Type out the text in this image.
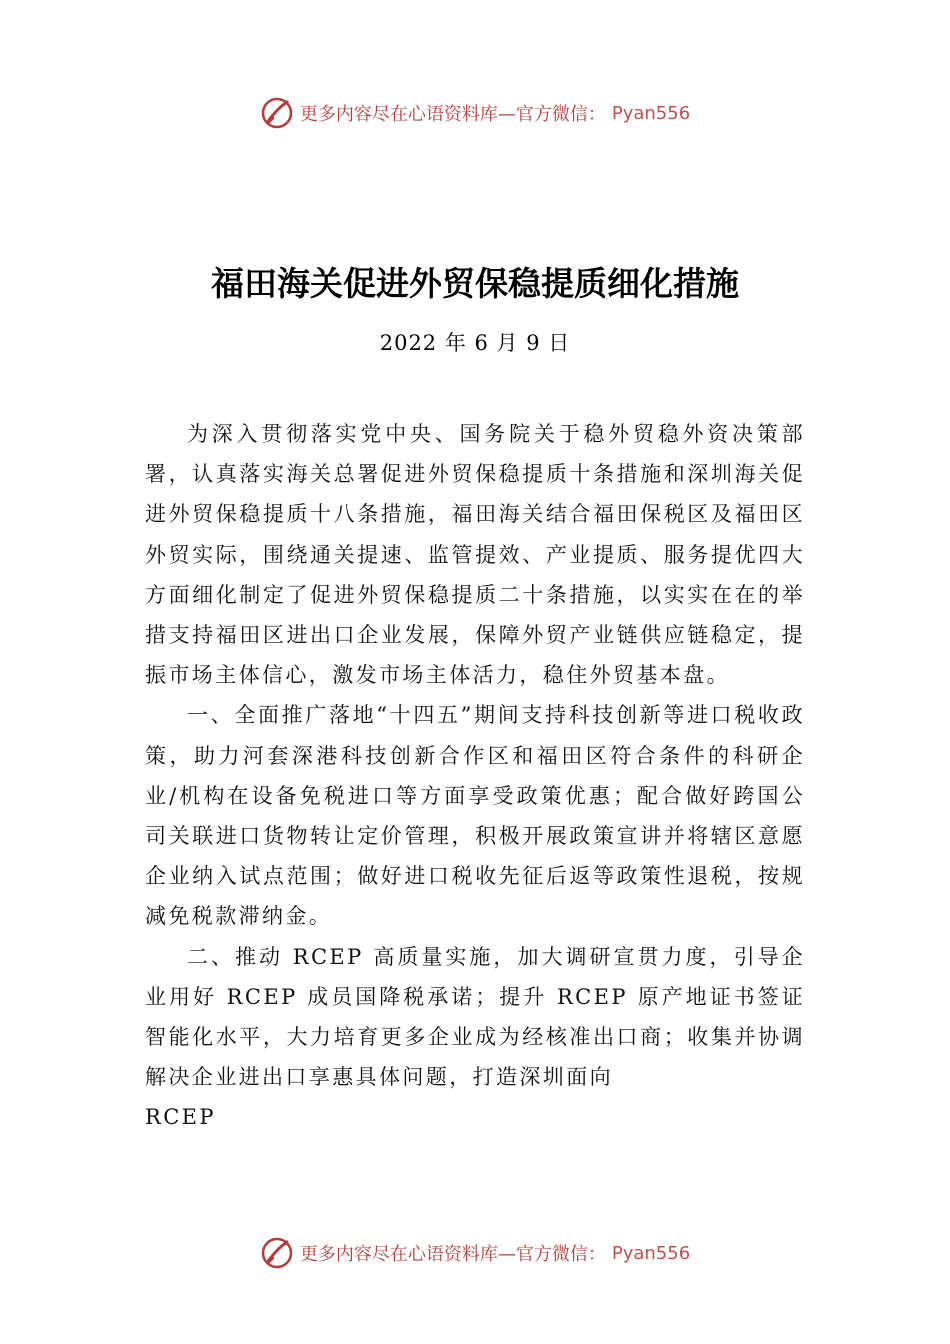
更多内容尽在心语资料库—官方微信： Pyan556
福田海关促进外贸保稳提质细化措施
2022 年 6 月 9 日

为深入贯彻落实党中央、国务院关于稳外贸稳外资决策部署，认真落实海关总署促进外贸保稳提质十条措施和深圳海关促进外贸保稳提质十八条措施，福田海关结合福田保税区及福田区外贸实际，围绕通关提速、监管提效、产业提质、服务提优四大方面细化制定了促进外贸保稳提质二十条措施，以实实在在的举措支持福田区进出口企业发展，保障外贸产业链供应链稳定，提振市场主体信心，激发市场主体活力，稳住外贸基本盘。

一、全面推广落地“十四五”期间支持科技创新等进口税收政策，助力河套深港科技创新合作区和福田区符合条件的科研企业/机构在设备免税进口等方面享受政策优惠；配合做好跨国公司关联进口货物转让定价管理，积极开展政策宣讲并将辖区意愿企业纳入试点范围；做好进口税收先征后返等政策性退税，按规减免税款滞纳金。

二、推动 RCEP 高质量实施，加大调研宣贯力度，引导企业用好 RCEP 成员国降税承诺；提升 RCEP 原产地证书签证智能化水平，大力培育更多企业成为经核准出口商；收集并协调解决企业进出口享惠具体问题，打造深圳面向

RCEP

更多内容尽在心语资料库—官方微信： Pyan556
